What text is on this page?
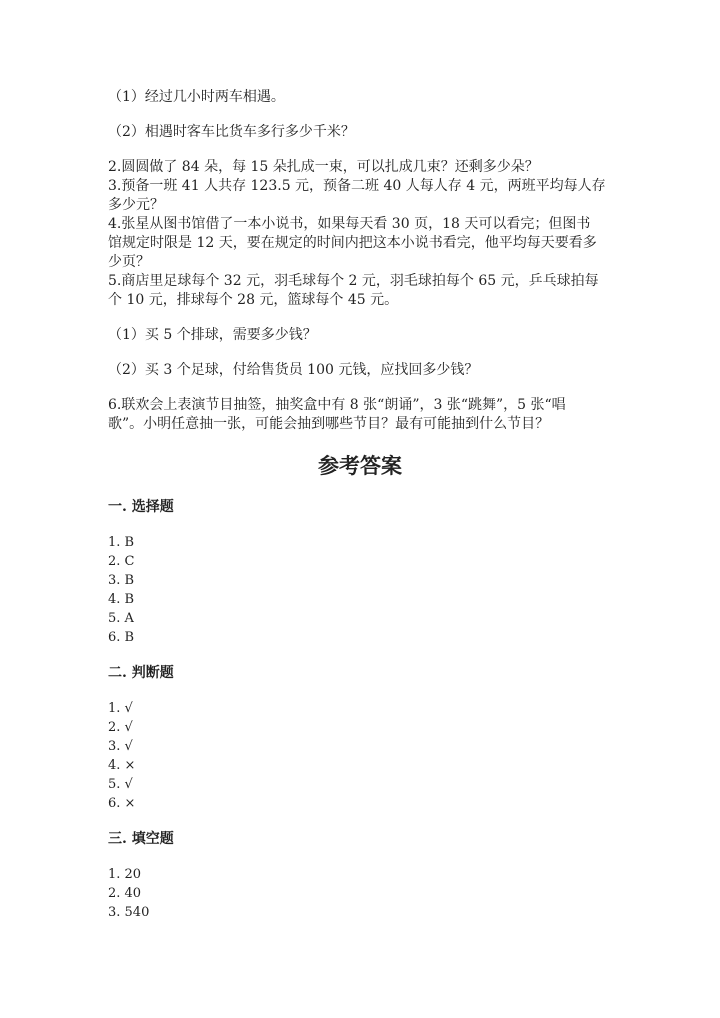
（1）经过几小时两车相遇。
（2）相遇时客车比货车多行多少千米？
2.圆圆做了 84 朵，每 15 朵扎成一束，可以扎成几束？还剩多少朵？
3.预备一班 41 人共存 123.5 元，预备二班 40 人每人存 4 元，两班平均每人存
多少元？
4.张星从图书馆借了一本小说书，如果每天看 30 页，18 天可以看完；但图书
馆规定时限是 12 天，要在规定的时间内把这本小说书看完，他平均每天要看多
少页？
5.商店里足球每个 32 元，羽毛球每个 2 元，羽毛球拍每个 65 元，乒乓球拍每
个 10 元，排球每个 28 元，篮球每个 45 元。
（1）买 5 个排球，需要多少钱？
（2）买 3 个足球，付给售货员 100 元钱，应找回多少钱？
6.联欢会上表演节目抽签，抽奖盒中有 8 张“朗诵”，3 张“跳舞”，5 张“唱
歌”。小明任意抽一张，可能会抽到哪些节目？最有可能抽到什么节目？
参考答案
一. 选择题
1. B
2. C
3. B
4. B
5. A
6. B
二. 判断题
1. √
2. √
3. √
4. ×
5. √
6. ×
三. 填空题
1. 20
2. 40
3. 540
